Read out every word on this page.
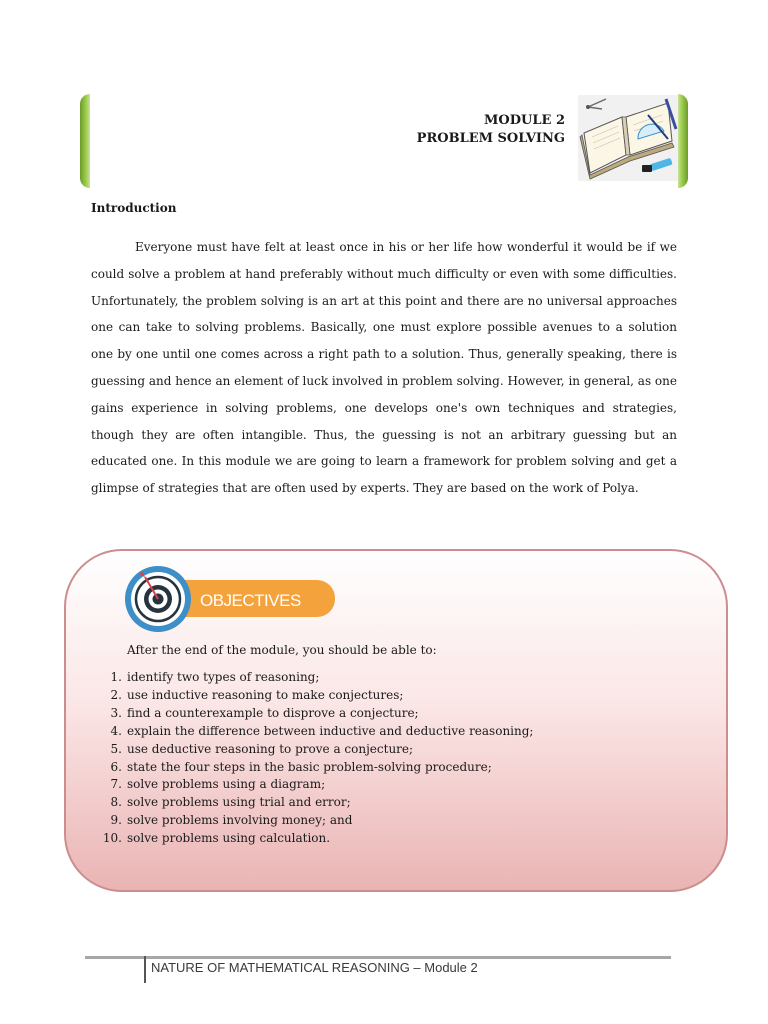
MODULE 2
PROBLEM SOLVING
Introduction

Everyone must have felt at least once in his or her life how wonderful it would be if we could solve a problem at hand preferably without much difficulty or even with some difficulties. Unfortunately, the problem solving is an art at this point and there are no universal approaches one can take to solving problems. Basically, one must explore possible avenues to a solution one by one until one comes across a right path to a solution. Thus, generally speaking, there is guessing and hence an element of luck involved in problem solving. However, in general, as one gains experience in solving problems, one develops one's own techniques and strategies, though they are often intangible. Thus, the guessing is not an arbitrary guessing but an educated one. In this module we are going to learn a framework for problem solving and get a glimpse of strategies that are often used by experts. They are based on the work of Polya.

OBJECTIVES
After the end of the module, you should be able to:
1. identify two types of reasoning;
2. use inductive reasoning to make conjectures;
3. find a counterexample to disprove a conjecture;
4. explain the difference between inductive and deductive reasoning;
5. use deductive reasoning to prove a conjecture;
6. state the four steps in the basic problem-solving procedure;
7. solve problems using a diagram;
8. solve problems using trial and error;
9. solve problems involving money; and
10. solve problems using calculation.
NATURE OF MATHEMATICAL REASONING – Module 2
